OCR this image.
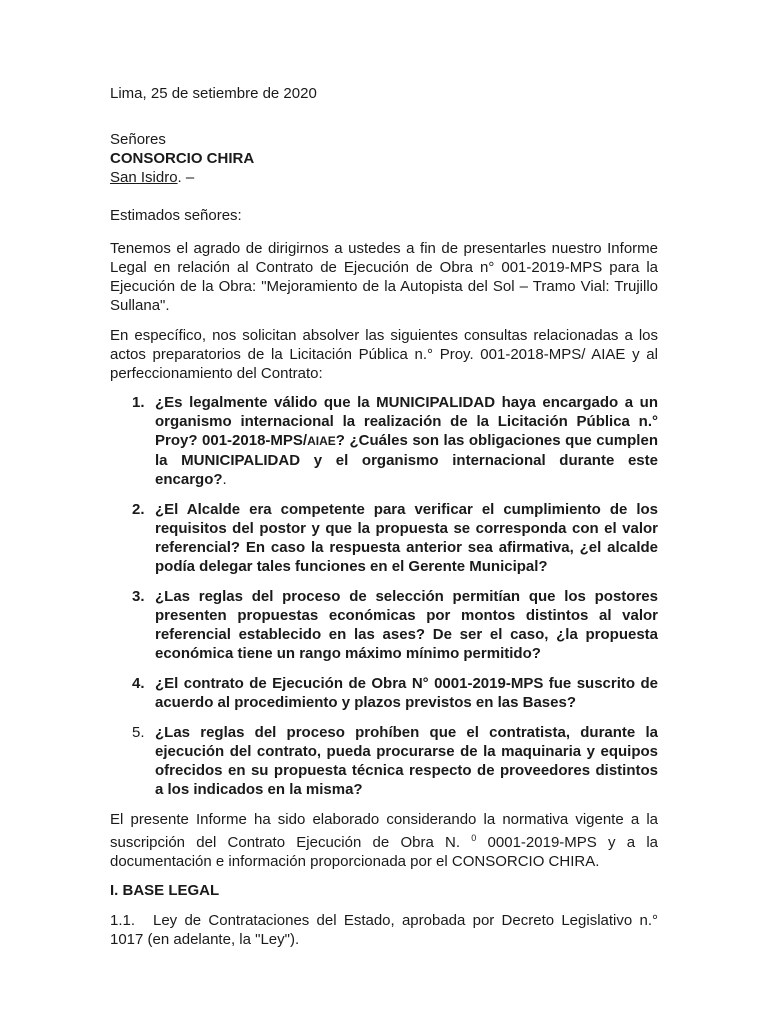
Lima, 25 de setiembre de 2020

Señores

CONSORCIO CHIRA

San Isidro. –

Estimados señores:

Tenemos el agrado de dirigirnos a ustedes a fin de presentarles nuestro Informe Legal en relación al Contrato de Ejecución de Obra n° 001-2019-MPS para la Ejecución de la Obra: "Mejoramiento de la Autopista del Sol – Tramo Vial: Trujillo Sullana".

En específico, nos solicitan absolver las siguientes consultas relacionadas a los actos preparatorios de la Licitación Pública n.° Proy. 001-2018-MPS/ AIAE y al perfeccionamiento del Contrato:

1. ¿Es legalmente válido que la MUNICIPALIDAD haya encargado a un organismo internacional la realización de la Licitación Pública n.° Proy? 001-2018-MPS/AIAE? ¿Cuáles son las obligaciones que cumplen la MUNICIPALIDAD y el organismo internacional durante este encargo?.
2. ¿El Alcalde era competente para verificar el cumplimiento de los requisitos del postor y que la propuesta se corresponda con el valor referencial? En caso la respuesta anterior sea afirmativa, ¿el alcalde podía delegar tales funciones en el Gerente Municipal?
3. ¿Las reglas del proceso de selección permitían que los postores presenten propuestas económicas por montos distintos al valor referencial establecido en las ases? De ser el caso, ¿la propuesta económica tiene un rango máximo mínimo permitido?
4. ¿El contrato de Ejecución de Obra N° 0001-2019-MPS fue suscrito de acuerdo al procedimiento y plazos previstos en las Bases?
5. ¿Las reglas del proceso prohíben que el contratista, durante la ejecución del contrato, pueda procurarse de la maquinaria y equipos ofrecidos en su propuesta técnica respecto de proveedores distintos a los indicados en la misma?

El presente Informe ha sido elaborado considerando la normativa vigente a la suscripción del Contrato Ejecución de Obra N. $^0$ 0001-2019-MPS y a la documentación e información proporcionada por el CONSORCIO CHIRA.

I. BASE LEGAL

1.1. Ley de Contrataciones del Estado, aprobada por Decreto Legislativo n.° 1017 (en adelante, la "Ley").
